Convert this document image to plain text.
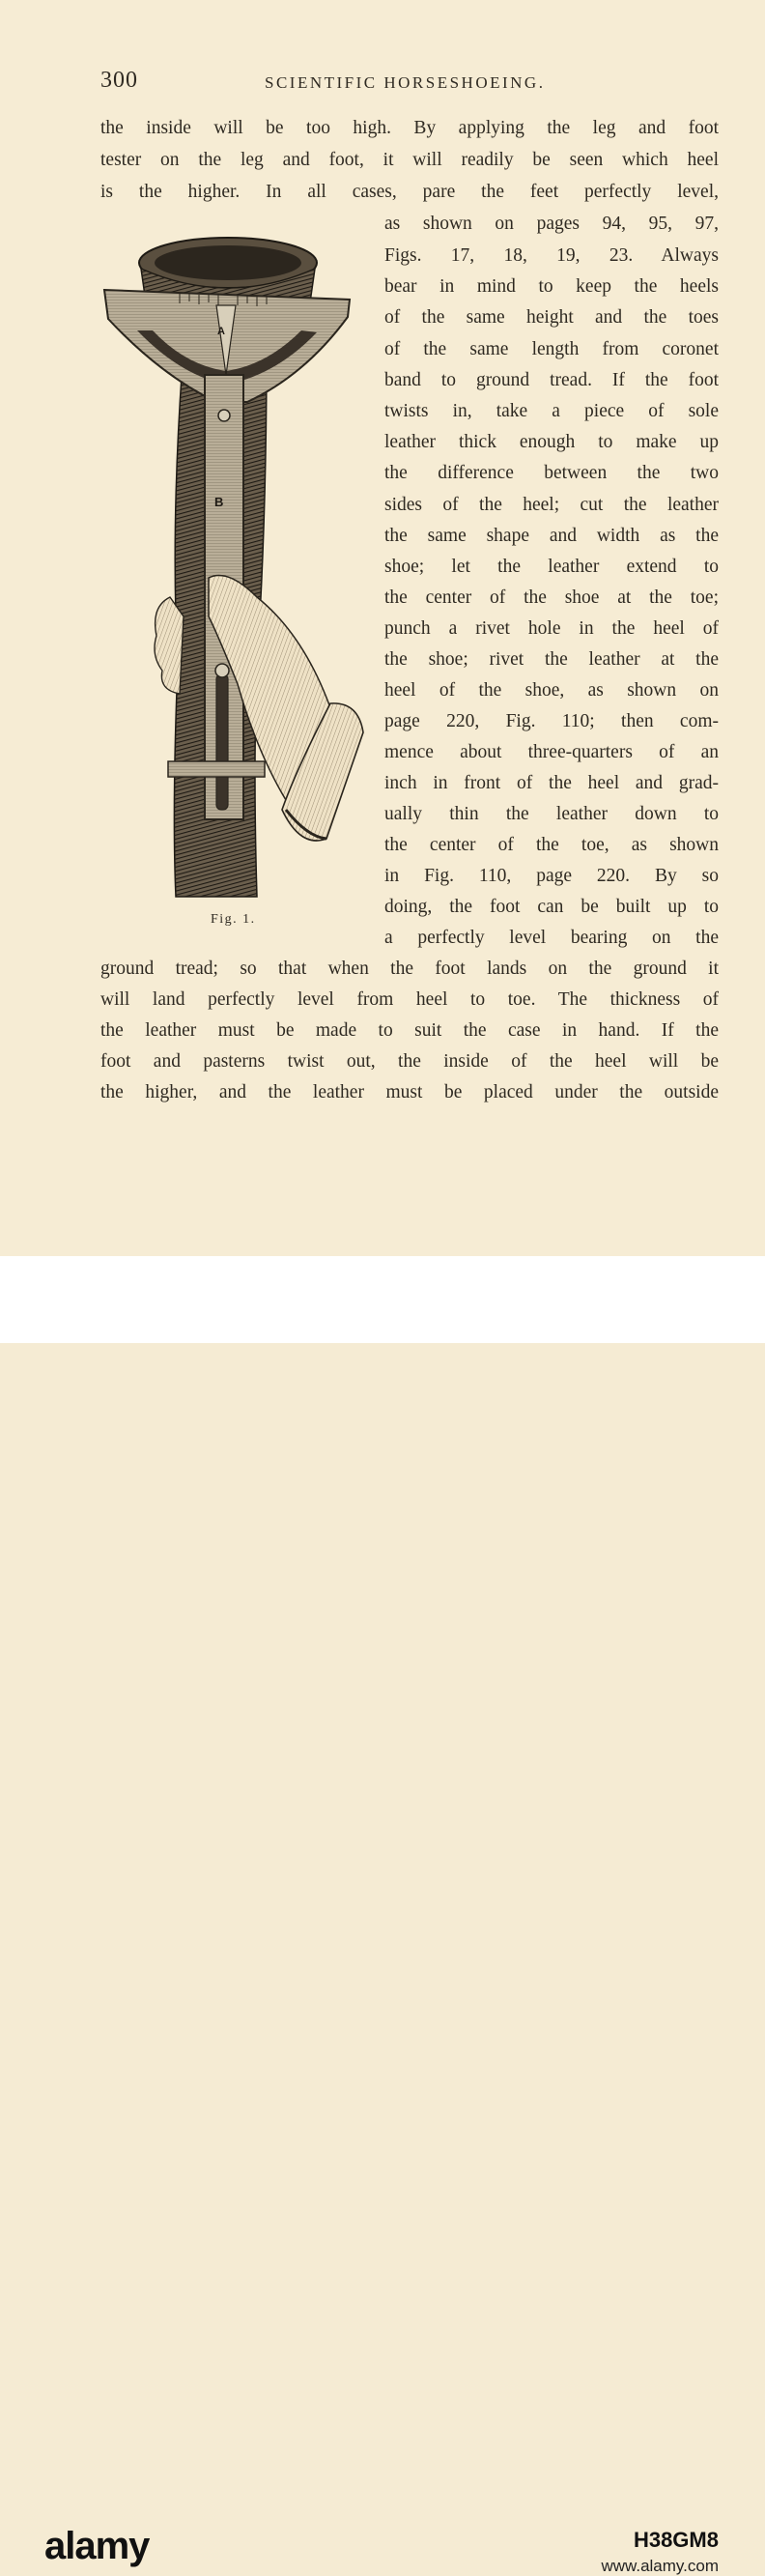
300	SCIENTIFIC HORSESHOEING.
the inside will be too high. By applying the leg and foot
tester on the leg and foot, it will readily be seen which heel
is the higher. In all cases, pare the feet perfectly level,
as shown on pages 94, 95, 97,
Figs. 17, 18, 19, 23. Always
bear in mind to keep the heels
of the same height and the toes
of the same length from coronet
band to ground tread. If the foot
twists in, take a piece of sole
leather thick enough to make up
the difference between the two
sides of the heel; cut the leather
the same shape and width as the
shoe; let the leather extend to
the center of the shoe at the toe;
punch a rivet hole in the heel of
the shoe; rivet the leather at the
heel of the shoe, as shown on
page 220, Fig. 110; then com-
mence about three-quarters of an
inch in front of the heel and grad-
ually thin the leather down to
the center of the toe, as shown
in Fig. 110, page 220. By so
doing, the foot can be built up to
a perfectly level bearing on the
ground tread; so that when the foot lands on the ground it
will land perfectly level from heel to toe. The thickness of
the leather must be made to suit the case in hand. If the
foot and pasterns twist out, the inside of the heel will be
the higher, and the leather must be placed under the outside
A
B
Fig. 1.
alamy	H38GM8
www.alamy.com
